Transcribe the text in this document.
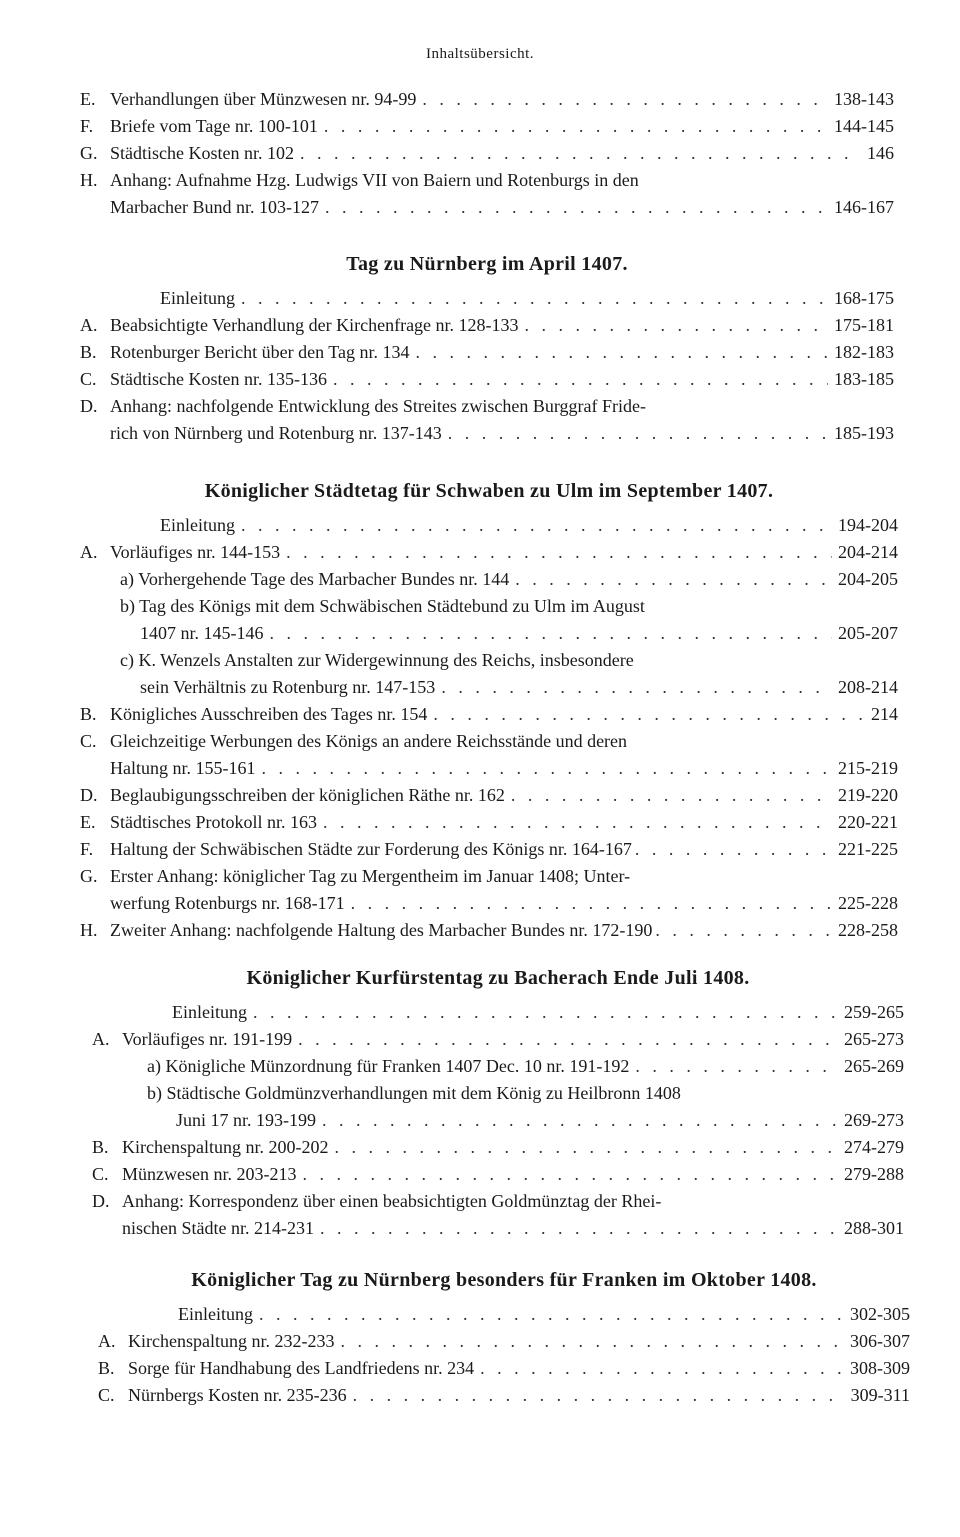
Inhaltsübersicht.
E. Verhandlungen über Münzwesen nr. 94-99 . . .	138-143
F. Briefe vom Tage nr. 100-101 . . .	144-145
G. Städtische Kosten nr. 102 . . .	146
H. Anhang: Aufnahme Hzg. Ludwigs VII von Baiern und Rotenburgs in den
Marbacher Bund nr. 103-127 . . .	146-167
Tag zu Nürnberg im April 1407.
Einleitung . . .	168-175
A. Beabsichtigte Verhandlung der Kirchenfrage nr. 128-133 . . .	175-181
B. Rotenburger Bericht über den Tag nr. 134 . . .	182-183
C. Städtische Kosten nr. 135-136 . . .	183-185
D. Anhang: nachfolgende Entwicklung des Streites zwischen Burggraf Fride-
rich von Nürnberg und Rotenburg nr. 137-143 . . .	185-193
Königlicher Städtetag für Schwaben zu Ulm im September 1407.
Einleitung . . .	194-204
A. Vorläufiges nr. 144-153 . . .	204-214
a) Vorhergehende Tage des Marbacher Bundes nr. 144 . . .	204-205
b) Tag des Königs mit dem Schwäbischen Städtebund zu Ulm im August
1407 nr. 145-146 . . .	205-207
c) K. Wenzels Anstalten zur Widergewinnung des Reichs, insbesondere
sein Verhältnis zu Rotenburg nr. 147-153 . . .	208-214
B. Königliches Ausschreiben des Tages nr. 154 . . .	214
C. Gleichzeitige Werbungen des Königs an andere Reichsstände und deren
Haltung nr. 155-161 . . .	215-219
D. Beglaubigungsschreiben der königlichen Räthe nr. 162 . . .	219-220
E. Städtisches Protokoll nr. 163 . . .	220-221
F. Haltung der Schwäbischen Städte zur Forderung des Königs nr. 164-167 . . .	221-225
G. Erster Anhang: königlicher Tag zu Mergentheim im Januar 1408; Unter-
werfung Rotenburgs nr. 168-171 . . .	225-228
H. Zweiter Anhang: nachfolgende Haltung des Marbacher Bundes nr. 172-190 . . .	228-258
Königlicher Kurfürstentag zu Bacherach Ende Juli 1408.
Einleitung . . .	259-265
A. Vorläufiges nr. 191-199 . . .	265-273
a) Königliche Münzordnung für Franken 1407 Dec. 10 nr. 191-192 . . .	265-269
b) Städtische Goldmünzverhandlungen mit dem König zu Heilbronn 1408
Juni 17 nr. 193-199 . . .	269-273
B. Kirchenspaltung nr. 200-202 . . .	274-279
C. Münzwesen nr. 203-213 . . .	279-288
D. Anhang: Korrespondenz über einen beabsichtigten Goldmünztag der Rhei-
nischen Städte nr. 214-231 . . .	288-301
Königlicher Tag zu Nürnberg besonders für Franken im Oktober 1408.
Einleitung . . .	302-305
A. Kirchenspaltung nr. 232-233 . . .	306-307
B. Sorge für Handhabung des Landfriedens nr. 234 . . .	308-309
C. Nürnbergs Kosten nr. 235-236 . . .	309-311
